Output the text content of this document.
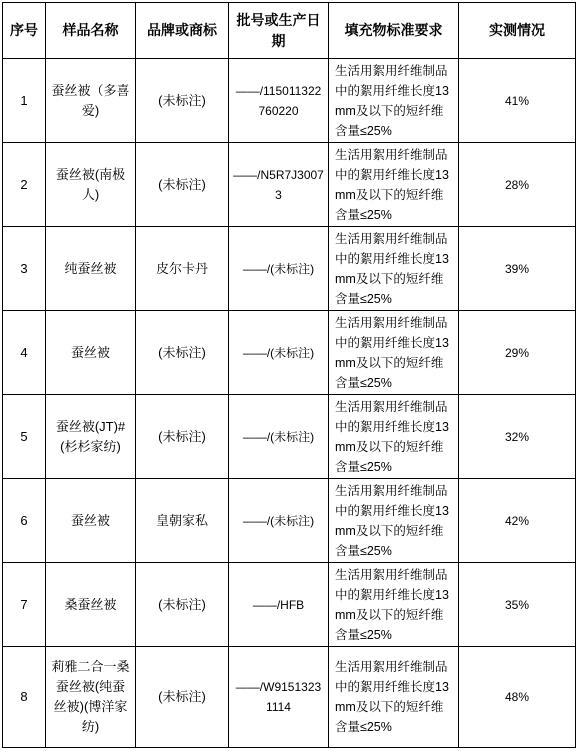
序号	样品名称	品牌或商标	批号或生产日期	填充物标准要求	实测情况
1	蚕丝被（多喜爱)	(未标注)	——/115011322760220	生活用絮用纤维制品中的絮用纤维长度13mm及以下的短纤维含量≤25%	41%
2	蚕丝被(南极人)	(未标注)	——/N5R7J30073	生活用絮用纤维制品中的絮用纤维长度13mm及以下的短纤维含量≤25%	28%
3	纯蚕丝被	皮尔卡丹	——/(未标注)	生活用絮用纤维制品中的絮用纤维长度13mm及以下的短纤维含量≤25%	39%
4	蚕丝被	(未标注)	——/(未标注)	生活用絮用纤维制品中的絮用纤维长度13mm及以下的短纤维含量≤25%	29%
5	蚕丝被(JT)#(杉杉家纺)	(未标注)	——/(未标注)	生活用絮用纤维制品中的絮用纤维长度13mm及以下的短纤维含量≤25%	32%
6	蚕丝被	皇朝家私	——/(未标注)	生活用絮用纤维制品中的絮用纤维长度13mm及以下的短纤维含量≤25%	42%
7	桑蚕丝被	(未标注)	——/HFB	生活用絮用纤维制品中的絮用纤维长度13mm及以下的短纤维含量≤25%	35%
8	莉雅二合一桑蚕丝被(纯蚕丝被)(博洋家纺)	(未标注)	——/W91513231114	生活用絮用纤维制品中的絮用纤维长度13mm及以下的短纤维含量≤25%	48%
